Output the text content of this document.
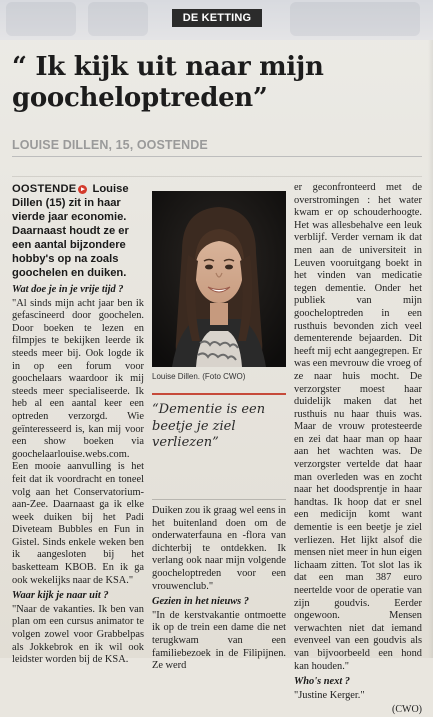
DE KETTING
“ Ik kijk uit naar mijn goocheloptreden”
LOUISE DILLEN, 15, OOSTENDE
OOSTENDE ▸ Louise Dillen (15) zit in haar vierde jaar economie. Daarnaast houdt ze er een aantal bijzondere hobby's op na zoals goochelen en duiken.
Wat doe je in je vrije tijd ?
"Al sinds mijn acht jaar ben ik gefascineerd door goochelen. Door boeken te lezen en filmpjes te bekijken leerde ik steeds meer bij. Ook logde ik in op een forum voor goochelaars waardoor ik mij steeds meer specialiseerde. Ik heb al een aantal keer een optreden verzorgd. Wie geïnteresseerd is, kan mij voor een show boeken via goochelaarlouise.webs.com. Een mooie aanvulling is het feit dat ik voordracht en toneel volg aan het Conservatorium-aan-Zee. Daarnaast ga ik elke week duiken bij het Padi Diveteam Bubbles en Fun in Gistel. Sinds enkele weken ben ik aangesloten bij het basketteam KBOB. En ik ga ook wekelijks naar de KSA."
Waar kijk je naar uit ?
"Naar de vakanties. Ik ben van plan om een cursus animator te volgen zowel voor Grabbelpas als Jokkebrok en ik wil ook leidster worden bij de KSA.
Louise Dillen. (Foto CWO)
“Dementie is een beetje je ziel verliezen”
Duiken zou ik graag wel eens in het buitenland doen om de onderwaterfauna en -flora van dichterbij te ontdekken. Ik verlang ook naar mijn volgende goocheloptreden voor een vrouwenclub."
Gezien in het nieuws ?
"In de kerstvakantie ontmoette ik op de trein een dame die net terugkwam van een familiebezoek in de Filipijnen. Ze werd
er geconfronteerd met de overstromingen : het water kwam er op schouderhoogte. Het was allesbehalve een leuk verblijf. Verder vernam ik dat men aan de universiteit in Leuven vooruitgang boekt in het vinden van medicatie tegen dementie. Onder het publiek van mijn goocheloptreden in een rusthuis bevonden zich veel dementerende bejaarden. Dit heeft mij echt aangegrepen. Er was een mevrouw die vroeg of ze naar huis mocht. De verzorgster moest haar duidelijk maken dat het rusthuis nu haar thuis was. Maar de vrouw protesteerde en zei dat haar man op haar aan het wachten was. De verzorgster vertelde dat haar man overleden was en zocht naar het doodsprentje in haar handtas. Ik hoop dat er snel een medicijn komt want dementie is een beetje je ziel verliezen. Het lijkt alsof die mensen niet meer in hun eigen lichaam zitten. Tot slot las ik dat een man 387 euro neertelde voor de operatie van zijn goudvis. Eerder ongewoon. Mensen verwachten niet dat iemand evenveel van een goudvis als van bijvoorbeeld een hond kan houden."
Who's next ?
"Justine Kerger."
(CWO)
